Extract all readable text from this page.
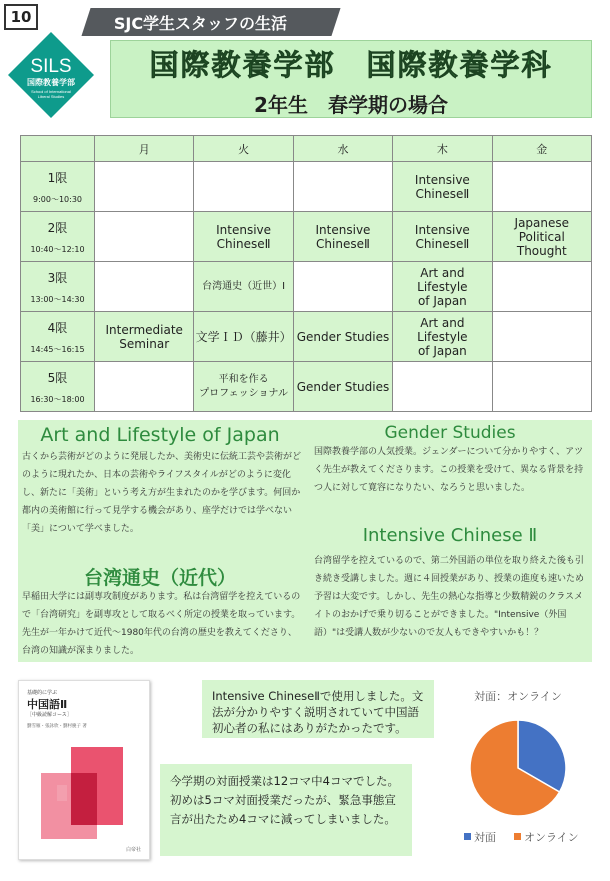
10
SILS
国際教養学部
School of International
Liberal Studies
SJC学生スタッフの生活
国際教養学部　国際教養学科
2年生　春学期の場合
	月	火	水	木	金

1限
9:00～10:30				Intensive
ChineseⅡ	

2限
10:40～12:10		Intensive
ChineseⅡ	Intensive
ChineseⅡ	Intensive
ChineseⅡ	Japanese
Political Thought

3限
13:00～14:30		台湾通史（近世）Ⅰ		Art and Lifestyle
of Japan	

4限
14:45～16:15	Intermediate
Seminar	文学ＩＤ（藤井）	Gender Studies	Art and Lifestyle
of Japan	

5限
16:30～18:00		平和を作る
プロフェッショナル	Gender Studies		
Art and Lifestyle of Japan
古くから芸術がどのように発展したか、美術史に伝統工芸や芸術がどのように現れたか、日本の芸術やライフスタイルがどのように変化し、新たに「美術」という考え方が生まれたのかを学びます。何回か都内の美術館に行って見学する機会があり、座学だけでは学べない「美」について学べました。
台湾通史（近代）
早稲田大学には副専攻制度があります。私は台湾留学を控えているので「台湾研究」を副専攻として取るべく所定の授業を取っています。先生が一年かけて近代～1980年代の台湾の歴史を教えてくださり、台湾の知識が深まりました。
Gender Studies
国際教養学部の人気授業。ジェンダーについて分かりやすく、アツく先生が教えてくださります。この授業を受けて、異なる背景を持つ人に対して寛容になりたい、なろうと思いました。
Intensive Chinese Ⅱ
台湾留学を控えているので、第二外国語の単位を取り終えた後も引き続き受講しました。週に４回授業があり、授業の進度も速いため予習は大変です。しかし、先生の熱心な指導と少数精鋭のクラスメイトのおかげで乗り切ることができました。"Intensive（外国語）"は受講人数が少ないので友人もできやすいかも！？
基礎的に学ぶ
中国語Ⅱ
［中級読解コース］
劉雪雁・張詠欣・劉村慶子 著
白帝社
Intensive ChineseⅡで使用しました。文法が分かりやすく説明されていて中国語初心者の私にはありがたかったです。
今学期の対面授業は12コマ中4コマでした。初めは5コマ対面授業だったが、緊急事態宣言が出たため4コマに減ってしまいました。
対面：オンライン
対面	オンライン
